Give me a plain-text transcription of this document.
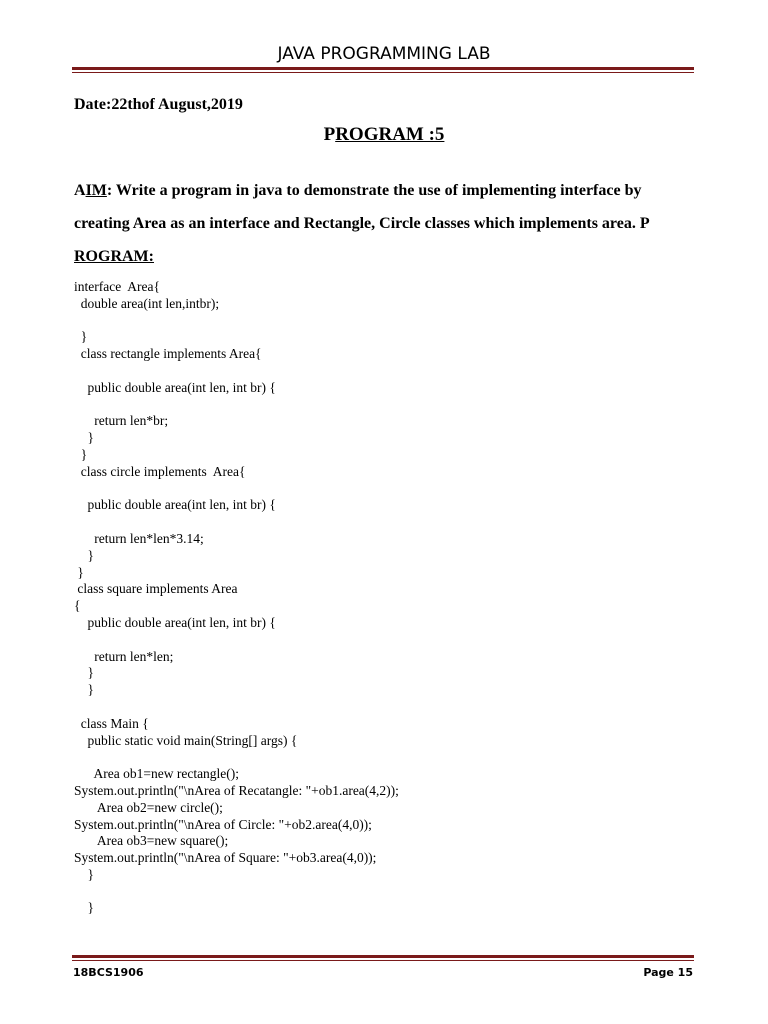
JAVA PROGRAMMING LAB
Date:22thof August,2019
PROGRAM :5
AIM: Write a program in java to demonstrate the use of implementing interface by creating Area as an interface and Rectangle, Circle classes which implements area. P
ROGRAM:
interface  Area{
double area(int len,intbr);

}
class rectangle implements Area{

public double area(int len, int br) {

return len*br;
}
}
class circle implements  Area{

public double area(int len, int br) {

return len*len*3.14;
}
}
class square implements Area
{
public double area(int len, int br) {

return len*len;
}
}

class Main {
public static void main(String[] args) {

Area ob1=new rectangle();
System.out.println("\nArea of Recatangle: "+ob1.area(4,2));
Area ob2=new circle();
System.out.println("\nArea of Circle: "+ob2.area(4,0));
Area ob3=new square();
System.out.println("\nArea of Square: "+ob3.area(4,0));
}

}
18BCS1906	Page 15
